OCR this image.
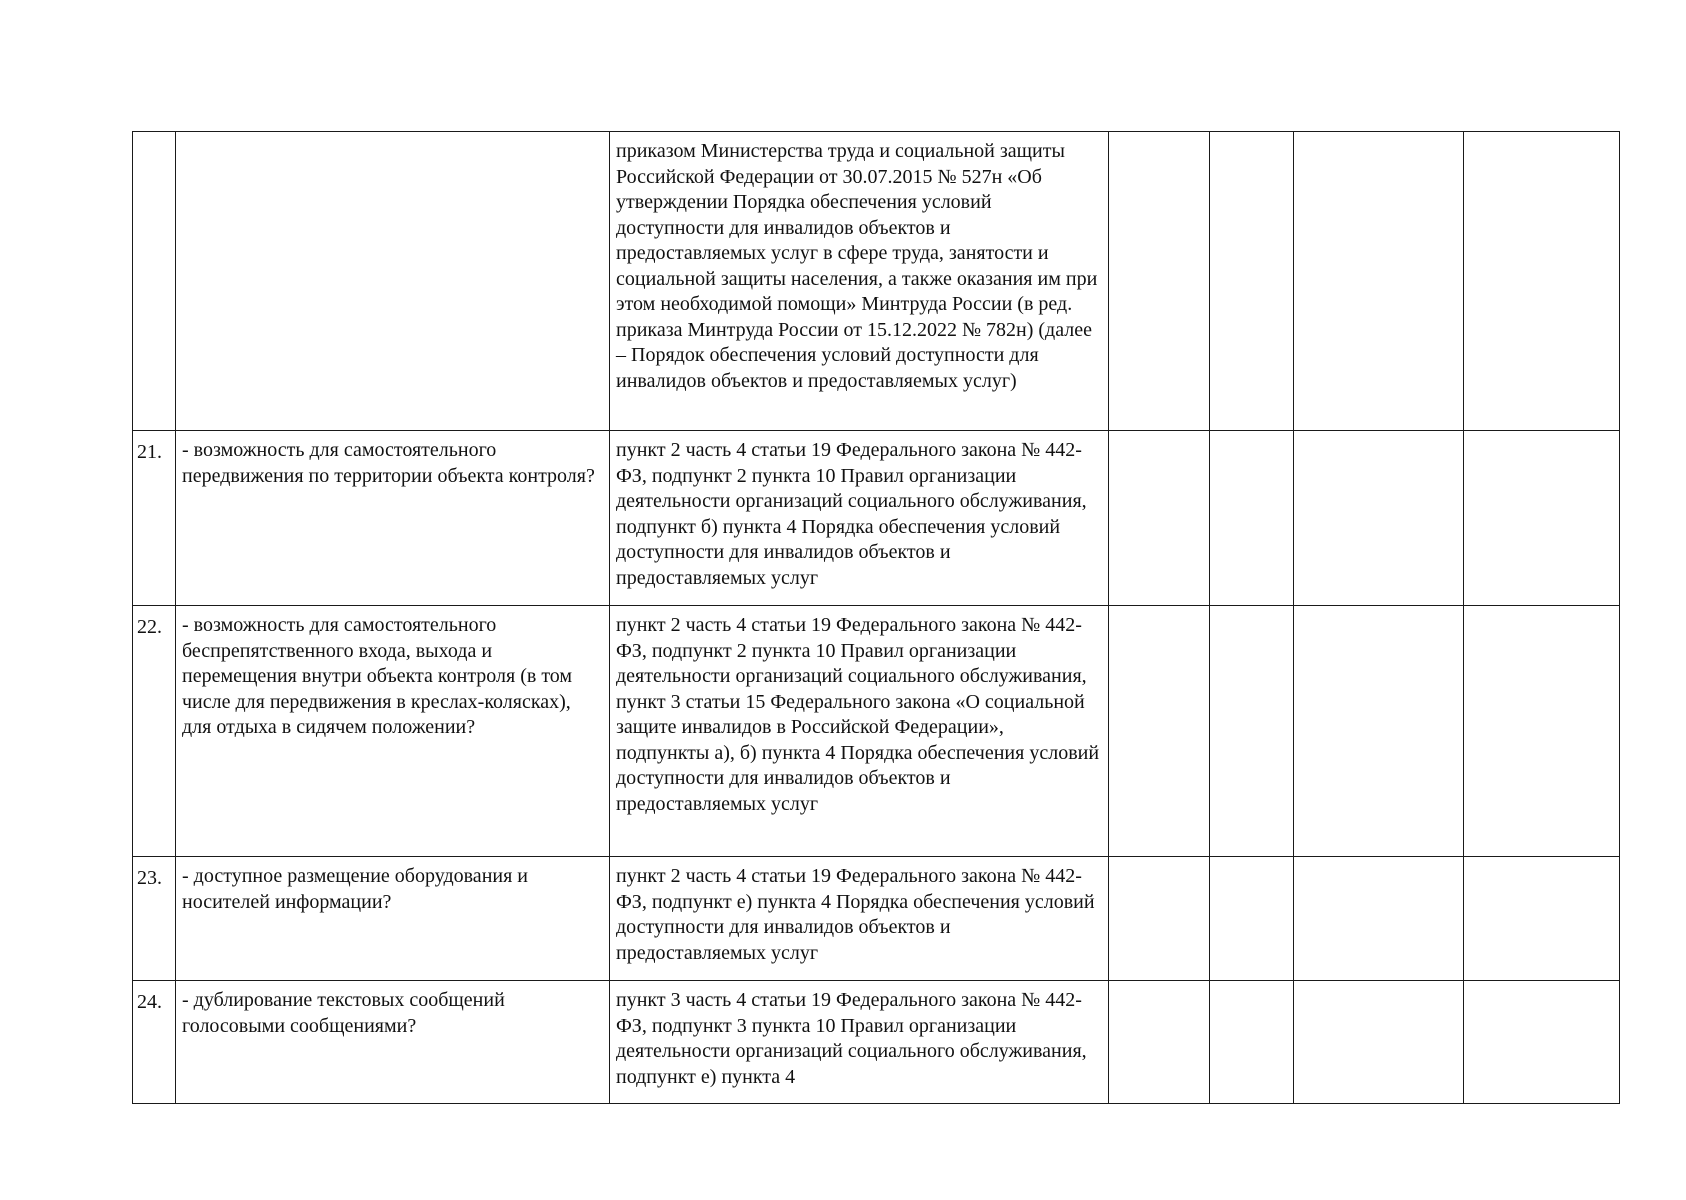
		приказом Министерства труда и социальной защиты Российской Федерации от 30.07.2015 № 527н «Об утверждении Порядка обеспечения условий доступности для инвалидов объектов и предоставляемых услуг в сфере труда, занятости и социальной защиты населения, а также оказания им при этом необходимой помощи» Минтруда России (в ред. приказа Минтруда России от 15.12.2022 № 782н) (далее – Порядок обеспечения условий доступности для инвалидов объектов и предоставляемых услуг)				
21.	- возможность для самостоятельного передвижения по территории объекта контроля?	пункт 2 часть 4 статьи 19 Федерального закона № 442-ФЗ, подпункт 2 пункта 10 Правил организации деятельности организаций социального обслуживания, подпункт б) пункта 4 Порядка обеспечения условий доступности для инвалидов объектов и предоставляемых услуг				
22.	- возможность для самостоятельного беспрепятственного входа, выхода и перемещения внутри объекта контроля (в том числе для передвижения в креслах-колясках), для отдыха в сидячем положении?	пункт 2 часть 4 статьи 19 Федерального закона № 442-ФЗ, подпункт 2 пункта 10 Правил организации деятельности организаций социального обслуживания, пункт 3 статьи 15 Федерального закона «О социальной защите инвалидов в Российской Федерации», подпункты а), б) пункта 4 Порядка обеспечения условий доступности для инвалидов объектов и предоставляемых услуг				
23.	- доступное размещение оборудования и носителей информации?	пункт 2 часть 4 статьи 19 Федерального закона № 442-ФЗ, подпункт е) пункта 4 Порядка обеспечения условий доступности для инвалидов объектов и предоставляемых услуг				
24.	- дублирование текстовых сообщений голосовыми сообщениями?	пункт 3 часть 4 статьи 19 Федерального закона № 442-ФЗ, подпункт 3 пункта 10 Правил организации деятельности организаций социального обслуживания, подпункт е) пункта 4				
